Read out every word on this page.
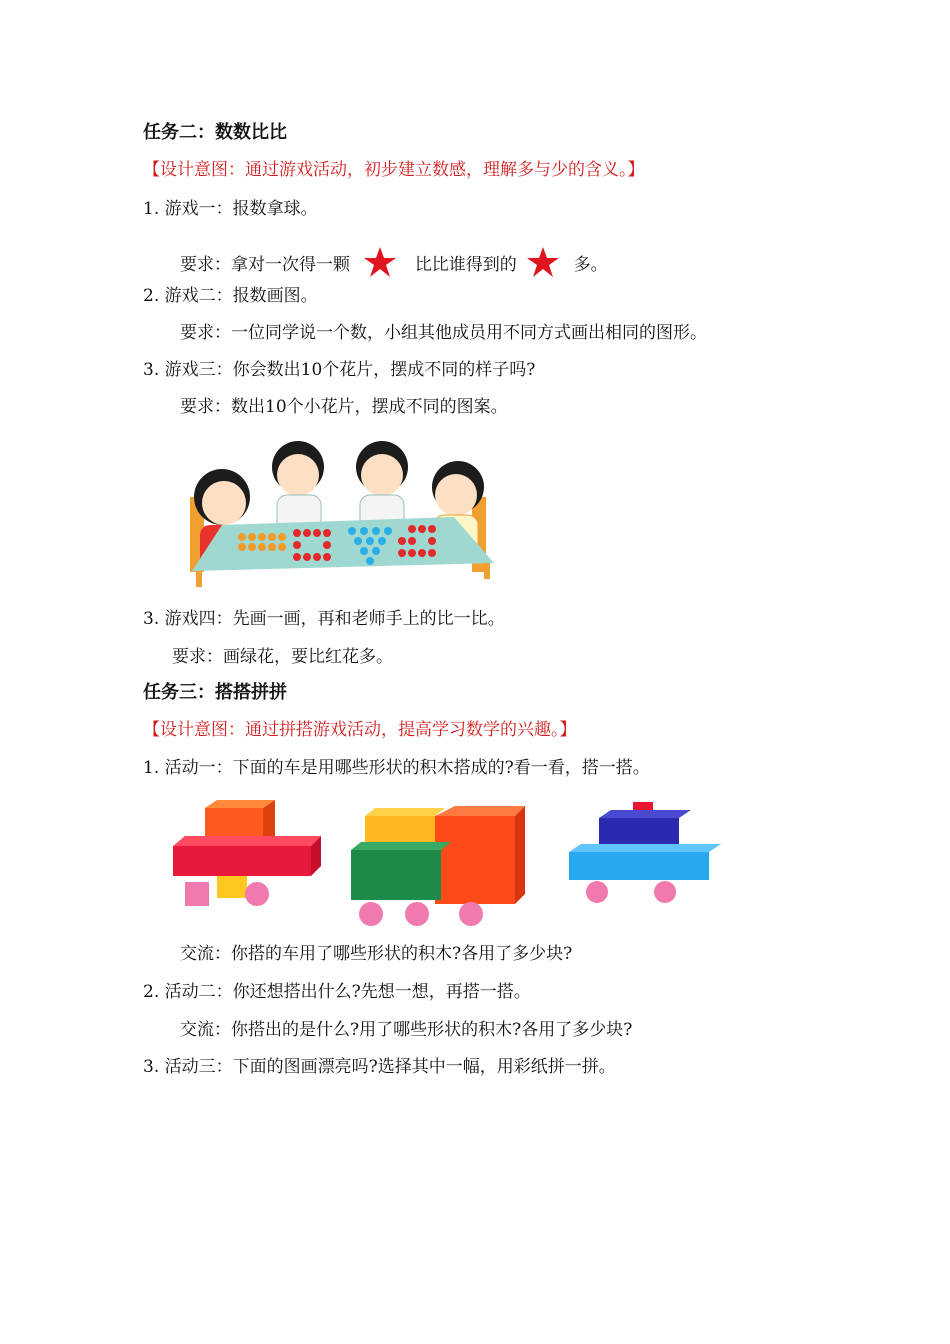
任务二：数数比比
【设计意图：通过游戏活动，初步建立数感，理解多与少的含义。】
1. 游戏一：报数拿球。
要求：拿对一次得一颗	比比谁得到的	多。
2. 游戏二：报数画图。
要求：一位同学说一个数，小组其他成员用不同方式画出相同的图形。
3. 游戏三：你会数出10个花片，摆成不同的样子吗?
要求：数出10个小花片，摆成不同的图案。
3. 游戏四：先画一画，再和老师手上的比一比。
要求：画绿花，要比红花多。
任务三：搭搭拼拼
【设计意图：通过拼搭游戏活动，提高学习数学的兴趣。】
1. 活动一：下面的车是用哪些形状的积木搭成的?看一看，搭一搭。
交流：你搭的车用了哪些形状的积木?各用了多少块?
2. 活动二：你还想搭出什么?先想一想，再搭一搭。
交流：你搭出的是什么?用了哪些形状的积木?各用了多少块?
3. 活动三：下面的图画漂亮吗?选择其中一幅，用彩纸拼一拼。
